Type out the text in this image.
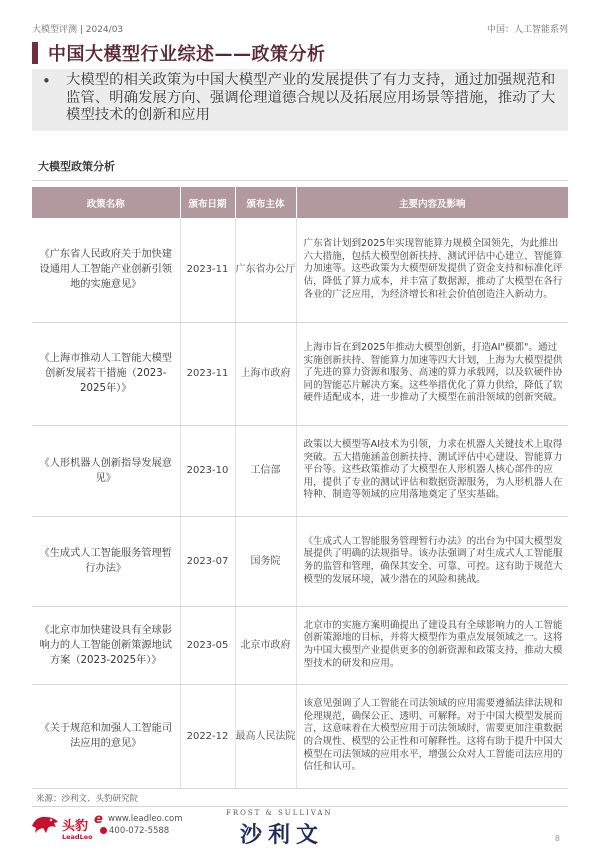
大模型评测 | 2024/03	中国：人工智能系列
中国大模型行业综述——政策分析
• 大模型的相关政策为中国大模型产业的发展提供了有力支持，通过加强规范和监管、明确发展方向、强调伦理道德合规以及拓展应用场景等措施，推动了大模型技术的创新和应用
大模型政策分析
政策名称	颁布日期	颁布主体	主要内容及影响
《广东省人民政府关于加快建设通用人工智能产业创新引领地的实施意见》	2023-11	广东省办公厅	广东省计划到2025年实现智能算力规模全国领先，为此推出六大措施，包括大模型创新扶持、测试评估中心建立、智能算力加速等。这些政策为大模型研发提供了资金支持和标准化评估，降低了算力成本，并丰富了数据源，推动了大模型在各行各业的广泛应用，为经济增长和社会价值创造注入新动力。
《上海市推动人工智能大模型创新发展若干措施（2023-2025年）》	2023-11	上海市政府	上海市旨在到2025年推动大模型创新，打造AI"模都"。通过实施创新扶持、智能算力加速等四大计划，上海为大模型提供了先进的算力资源和服务、高速的算力承载网，以及软硬件协同的智能芯片解决方案。这些举措优化了算力供给，降低了软硬件适配成本，进一步推动了大模型在前沿领域的创新突破。
《人形机器人创新指导发展意见》	2023-10	工信部	政策以大模型等AI技术为引领，力求在机器人关键技术上取得突破。五大措施涵盖创新扶持、测试评估中心建设、智能算力平台等。这些政策推动了大模型在人形机器人核心部件的应用，提供了专业的测试评估和数据资源服务，为人形机器人在特种、制造等领域的应用落地奠定了坚实基础。
《生成式人工智能服务管理暂行办法》	2023-07	国务院	《生成式人工智能服务管理暂行办法》的出台为中国大模型发展提供了明确的法规指导。该办法强调了对生成式人工智能服务的监管和管理，确保其安全、可靠、可控。这有助于规范大模型的发展环境，减少潜在的风险和挑战。
《北京市加快建设具有全球影响力的人工智能创新策源地试方案（2023-2025年）》	2023-05	北京市政府	北京市的实施方案明确提出了建设具有全球影响力的人工智能创新策源地的目标，并将大模型作为重点发展领域之一。这将为中国大模型产业提供更多的创新资源和政策支持，推动大模型技术的研发和应用。
《关于规范和加强人工智能司法应用的意见》	2022-12	最高人民法院	该意见强调了人工智能在司法领域的应用需要遵循法律法规和伦理规范，确保公正、透明、可解释。对于中国大模型发展而言，这意味着在大模型应用于司法领域时，需要更加注重数据的合规性、模型的公正性和可解释性。这将有助于提升中国大模型在司法领域的应用水平，增强公众对人工智能司法应用的信任和认可。
来源：沙利文、头豹研究院
头豹
LeadLeo
e www.leadleo.com
400-072-5588
FROST & SULLIVAN
沙利文	8
